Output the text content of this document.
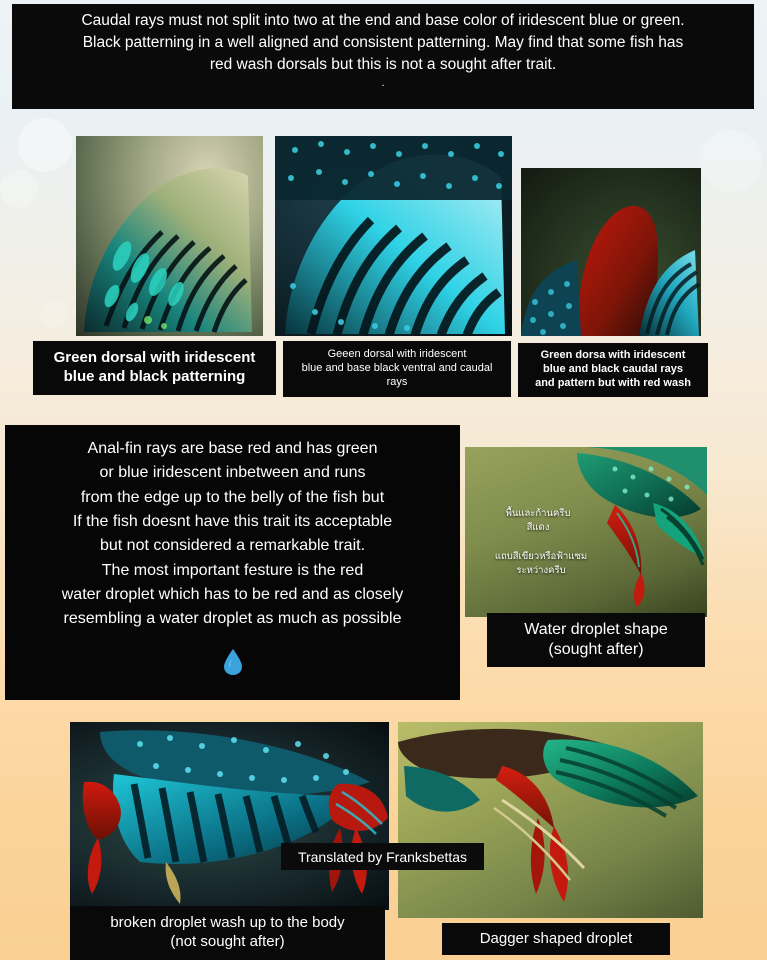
Caudal rays must not split into two at the end and base color of iridescent blue or green.
Black patterning in a well aligned and consistent patterning. May find that some fish has
red wash dorsals but this is not a sought after trait.
.
Green dorsal with iridescent
blue and black patterning
Geeen dorsal with iridescent
blue and base black ventral and caudal
rays
Green dorsa with iridescent
blue and black caudal rays
and pattern but with red wash
Anal-fin rays are base red and has green
or blue iridescent inbetween and runs
from the edge up to the belly of the fish but
If the fish doesnt have this trait its acceptable
but not considered a remarkable trait.
The most important festure is the red
water droplet which has to be red and as closely
resembling a water droplet as much as possible
พื้นและก้านครีบ
สีแดง
แถบสีเขียวหรือฟ้าแซม
ระหว่างครีบ
Water droplet shape
(sought after)
broken droplet wash up to the body
(not sought after)	Dagger shaped droplet
Translated by Franksbettas
